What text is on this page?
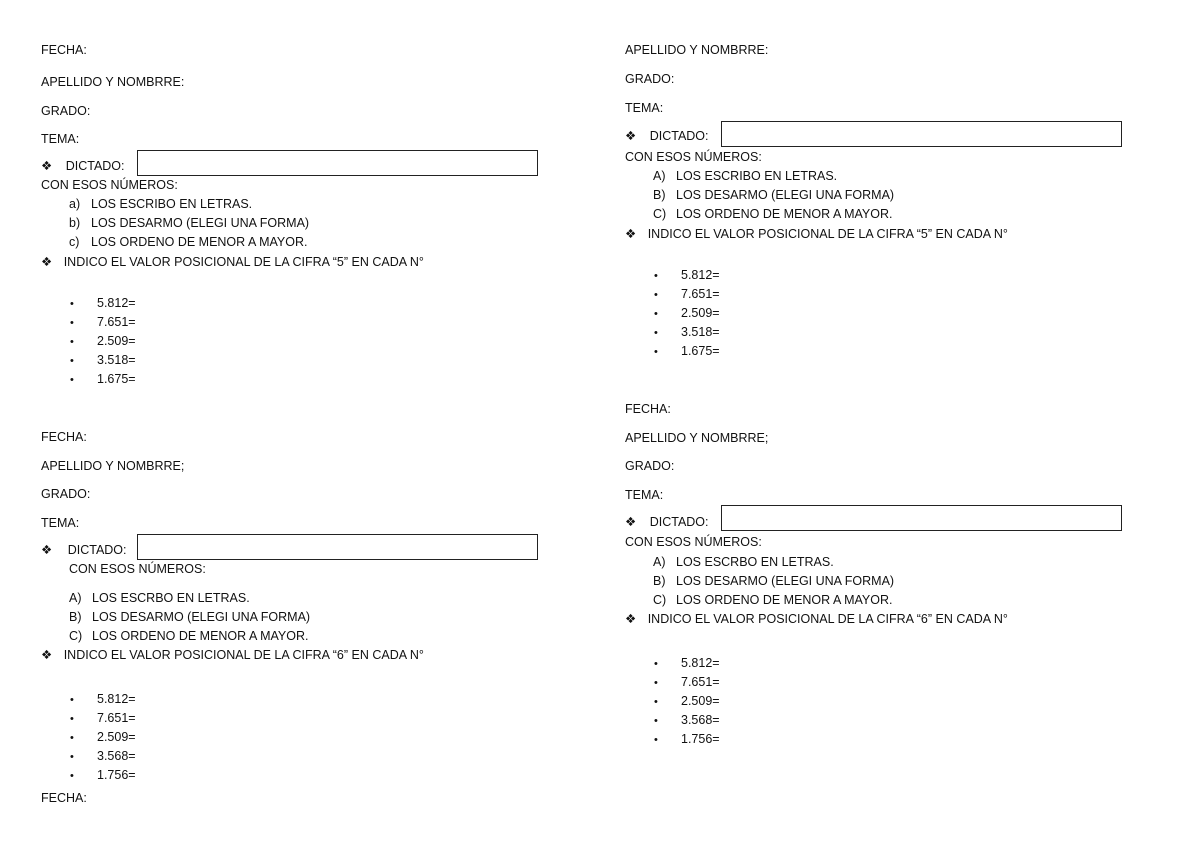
FECHA:
APELLIDO Y NOMBRRE:
GRADO:
TEMA:
❖ DICTADO:
CON ESOS NÚMEROS:
a) LOS ESCRIBO EN LETRAS.
b) LOS DESARMO (ELEGI UNA FORMA)
c) LOS ORDENO DE MENOR A MAYOR.
❖ INDICO EL VALOR POSICIONAL DE LA CIFRA “5” EN CADA N°
• 5.812=
• 7.651=
• 2.509=
• 3.518=
• 1.675=
APELLIDO Y NOMBRRE:
GRADO:
TEMA:
❖ DICTADO:
CON ESOS NÚMEROS:
A) LOS ESCRIBO EN LETRAS.
B) LOS DESARMO (ELEGI UNA FORMA)
C) LOS ORDENO DE MENOR A MAYOR.
❖ INDICO EL VALOR POSICIONAL DE LA CIFRA “5” EN CADA N°
• 5.812=
• 7.651=
• 2.509=
• 3.518=
• 1.675=
FECHA:
APELLIDO Y NOMBRRE;
GRADO:
TEMA:
❖ DICTADO:
CON ESOS NÚMEROS:
A) LOS ESCRBO EN LETRAS.
B) LOS DESARMO (ELEGI UNA FORMA)
C) LOS ORDENO DE MENOR A MAYOR.
❖ INDICO EL VALOR POSICIONAL DE LA CIFRA “6” EN CADA N°
• 5.812=
• 7.651=
• 2.509=
• 3.568=
• 1.756=
FECHA:
FECHA:
APELLIDO Y NOMBRRE;
GRADO:
TEMA:
❖ DICTADO:
CON ESOS NÚMEROS:
A) LOS ESCRBO EN LETRAS.
B) LOS DESARMO (ELEGI UNA FORMA)
C) LOS ORDENO DE MENOR A MAYOR.
❖ INDICO EL VALOR POSICIONAL DE LA CIFRA “6” EN CADA N°
• 5.812=
• 7.651=
• 2.509=
• 3.568=
• 1.756=
